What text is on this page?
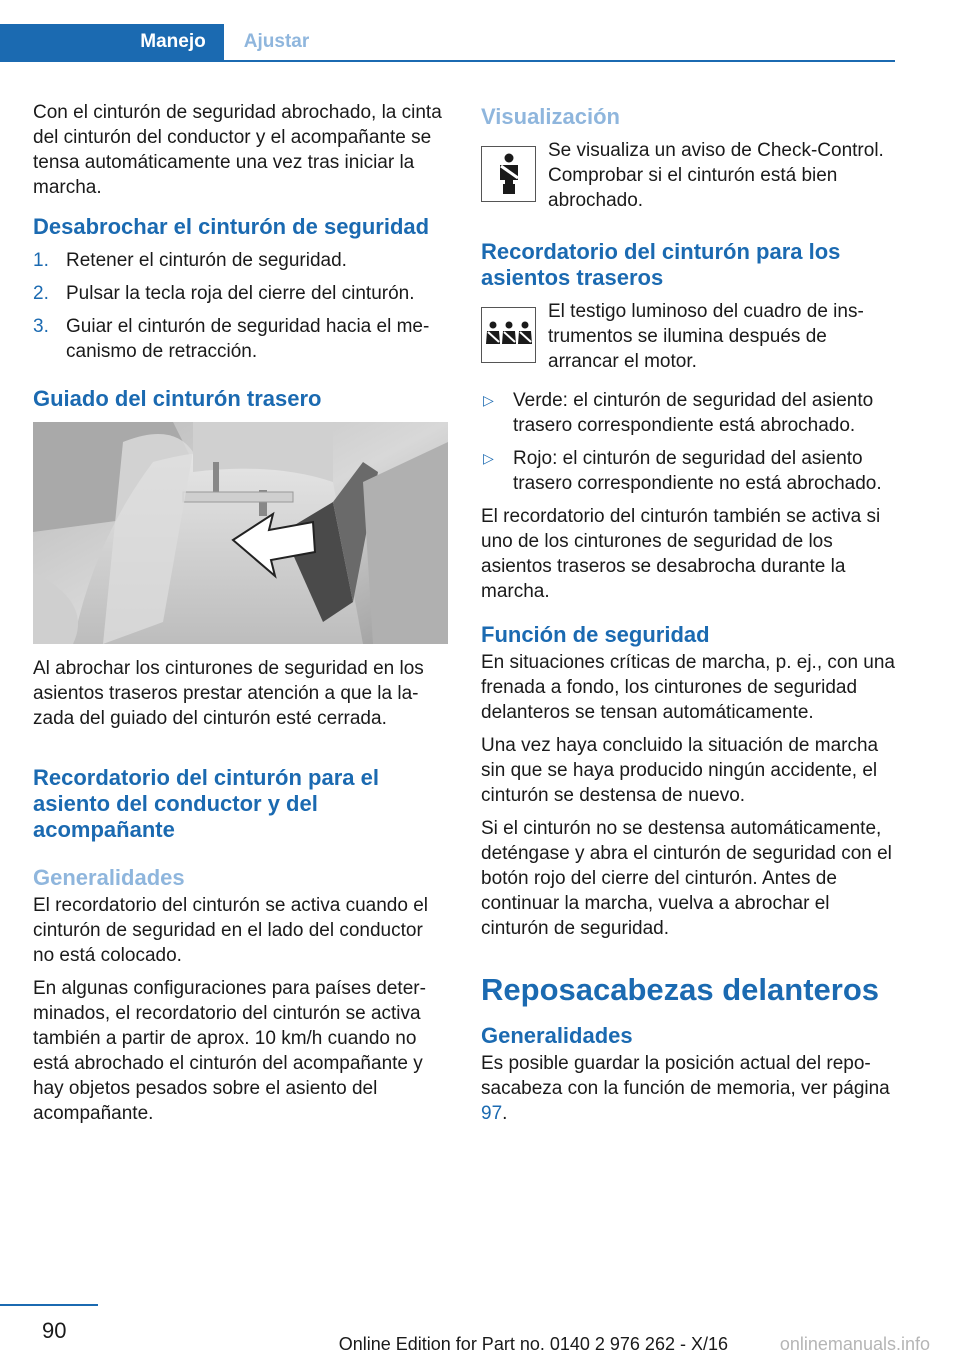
Manejo	Ajustar

Con el cinturón de seguridad abrochado, la cinta del cinturón del conductor y el acompañante se tensa automáticamente una vez tras iniciar la marcha.

Desabrochar el cinturón de seguridad
1. Retener el cinturón de seguridad.
2. Pulsar la tecla roja del cierre del cinturón.
3. Guiar el cinturón de seguridad hacia el mecanismo de retracción.
Guiado del cinturón trasero

Al abrochar los cinturones de seguridad en los asientos traseros prestar atención a que la lazada del guiado del cinturón esté cerrada.

Recordatorio del cinturón para el asiento del conductor y del acompañante
Generalidades

El recordatorio del cinturón se activa cuando el cinturón de seguridad en el lado del conductor no está colocado.

En algunas configuraciones para países determinados, el recordatorio del cinturón se activa también a partir de aprox. 10 km/h cuando no está abrochado el cinturón del acompañante y hay objetos pesados sobre el asiento del acompañante.

Visualización

Se visualiza un aviso de Check-Control. Comprobar si el cinturón está bien abrochado.

Recordatorio del cinturón para los asientos traseros

El testigo luminoso del cuadro de instrumentos se ilumina después de arrancar el motor.

▷ Verde: el cinturón de seguridad del asiento trasero correspondiente está abrochado.
▷ Rojo: el cinturón de seguridad del asiento trasero correspondiente no está abrochado.

El recordatorio del cinturón también se activa si uno de los cinturones de seguridad de los asientos traseros se desabrocha durante la marcha.

Función de seguridad

En situaciones críticas de marcha, p. ej., con una frenada a fondo, los cinturones de seguridad delanteros se tensan automáticamente.

Una vez haya concluido la situación de marcha sin que se haya producido ningún accidente, el cinturón se destensa de nuevo.

Si el cinturón no se destensa automáticamente, deténgase y abra el cinturón de seguridad con el botón rojo del cierre del cinturón. Antes de continuar la marcha, vuelva a abrochar el cinturón de seguridad.

Reposacabezas delanteros
Generalidades

Es posible guardar la posición actual del reposacabeza con la función de memoria, ver página 97.

90
Online Edition for Part no. 0140 2 976 262 - X/16	onlinemanuals.info
